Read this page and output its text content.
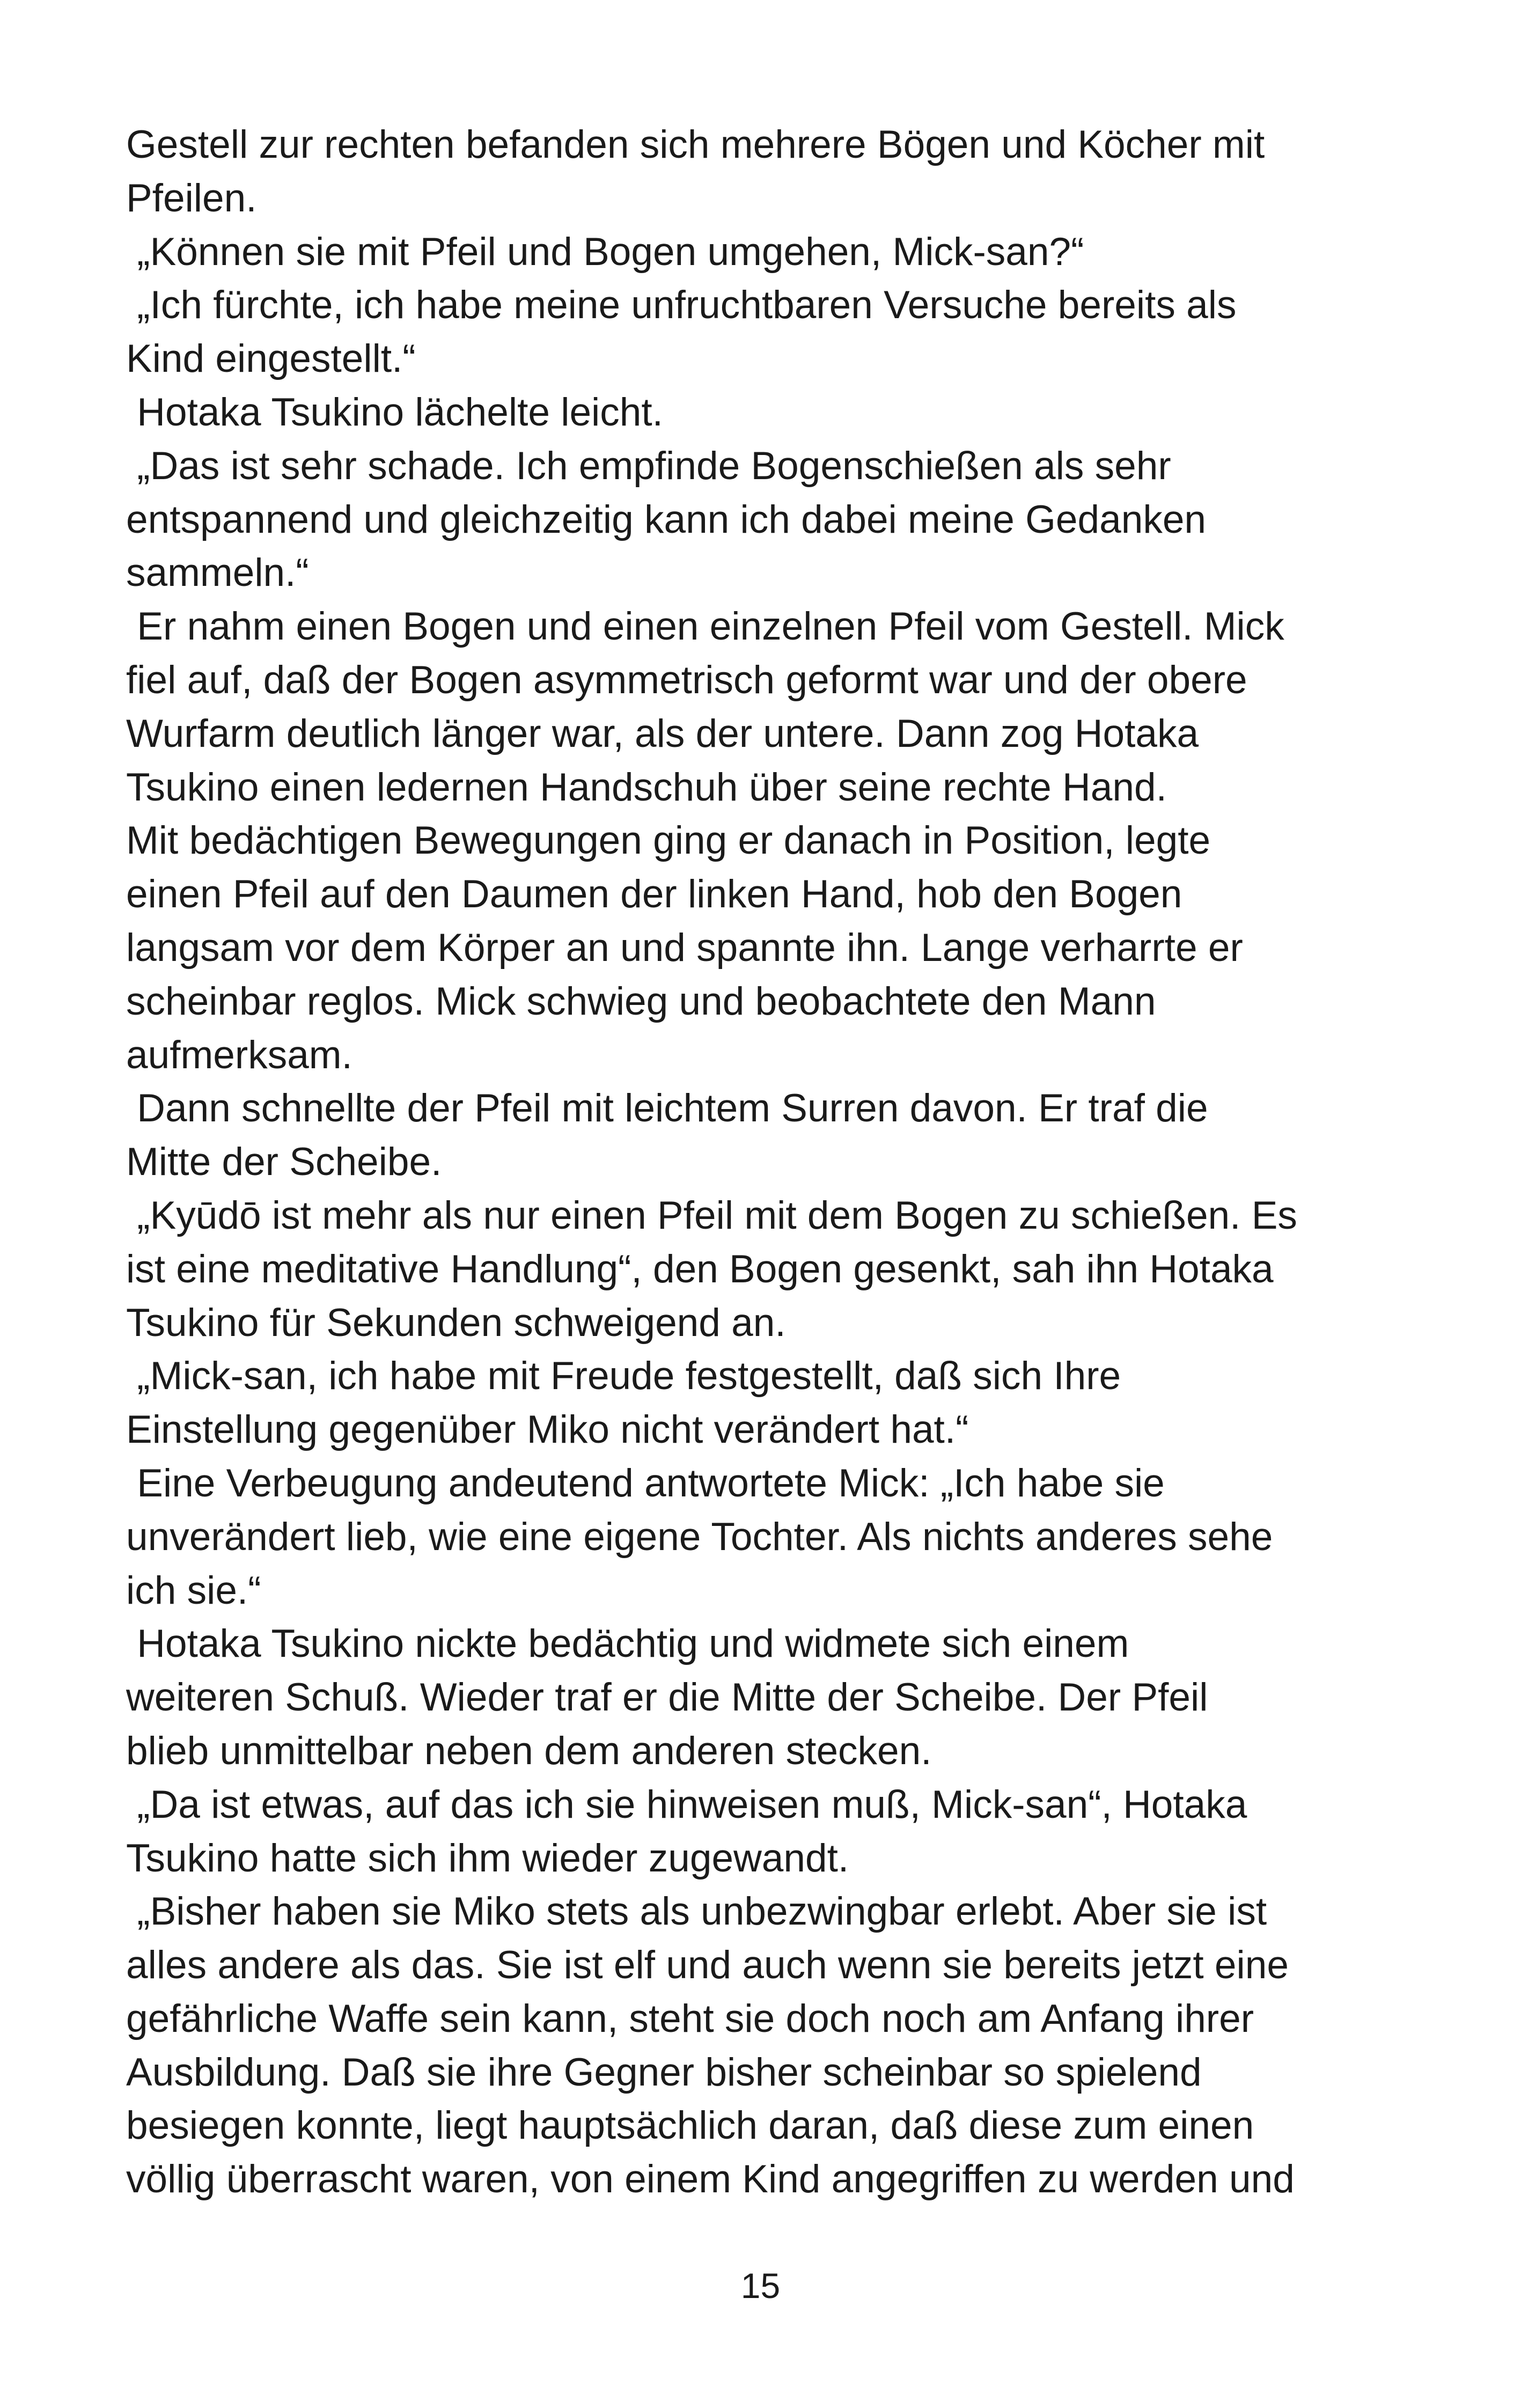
Gestell zur rechten befanden sich mehrere Bögen und Köcher mit
Pfeilen.
„Können sie mit Pfeil und Bogen umgehen, Mick-san?“
„Ich fürchte, ich habe meine unfruchtbaren Versuche bereits als
Kind eingestellt.“
Hotaka Tsukino lächelte leicht.
„Das ist sehr schade. Ich empfinde Bogenschießen als sehr
entspannend und gleichzeitig kann ich dabei meine Gedanken
sammeln.“
Er nahm einen Bogen und einen einzelnen Pfeil vom Gestell. Mick
fiel auf, daß der Bogen asymmetrisch geformt war und der obere
Wurfarm deutlich länger war, als der untere. Dann zog Hotaka
Tsukino einen ledernen Handschuh über seine rechte Hand.
Mit bedächtigen Bewegungen ging er danach in Position, legte
einen Pfeil auf den Daumen der linken Hand, hob den Bogen
langsam vor dem Körper an und spannte ihn. Lange verharrte er
scheinbar reglos. Mick schwieg und beobachtete den Mann
aufmerksam.
Dann schnellte der Pfeil mit leichtem Surren davon. Er traf die
Mitte der Scheibe.
„Kyūdō ist mehr als nur einen Pfeil mit dem Bogen zu schießen. Es
ist eine meditative Handlung“, den Bogen gesenkt, sah ihn Hotaka
Tsukino für Sekunden schweigend an.
„Mick-san, ich habe mit Freude festgestellt, daß sich Ihre
Einstellung gegenüber Miko nicht verändert hat.“
Eine Verbeugung andeutend antwortete Mick: „Ich habe sie
unverändert lieb, wie eine eigene Tochter. Als nichts anderes sehe
ich sie.“
Hotaka Tsukino nickte bedächtig und widmete sich einem
weiteren Schuß. Wieder traf er die Mitte der Scheibe. Der Pfeil
blieb unmittelbar neben dem anderen stecken.
„Da ist etwas, auf das ich sie hinweisen muß, Mick-san“, Hotaka
Tsukino hatte sich ihm wieder zugewandt.
„Bisher haben sie Miko stets als unbezwingbar erlebt. Aber sie ist
alles andere als das. Sie ist elf und auch wenn sie bereits jetzt eine
gefährliche Waffe sein kann, steht sie doch noch am Anfang ihrer
Ausbildung. Daß sie ihre Gegner bisher scheinbar so spielend
besiegen konnte, liegt hauptsächlich daran, daß diese zum einen
völlig überrascht waren, von einem Kind angegriffen zu werden und
15
